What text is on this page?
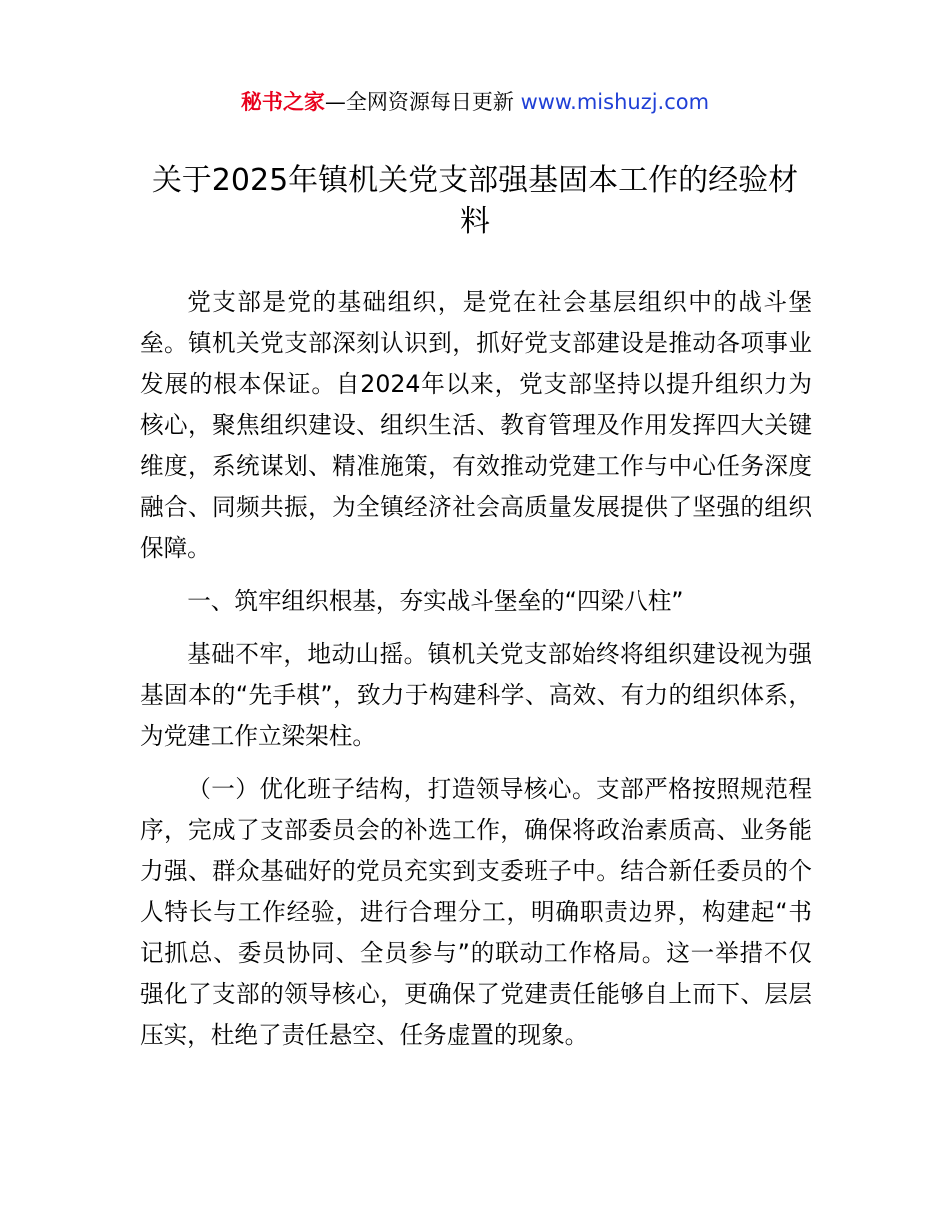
秘书之家—全网资源每日更新 www.mishuzj.com
关于2025年镇机关党支部强基固本工作的经验材料

党支部是党的基础组织，是党在社会基层组织中的战斗堡垒。镇机关党支部深刻认识到，抓好党支部建设是推动各项事业发展的根本保证。自2024年以来，党支部坚持以提升组织力为核心，聚焦组织建设、组织生活、教育管理及作用发挥四大关键维度，系统谋划、精准施策，有效推动党建工作与中心任务深度融合、同频共振，为全镇经济社会高质量发展提供了坚强的组织保障。

一、筑牢组织根基，夯实战斗堡垒的“四梁八柱”

基础不牢，地动山摇。镇机关党支部始终将组织建设视为强基固本的“先手棋”，致力于构建科学、高效、有力的组织体系，为党建工作立梁架柱。

（一）优化班子结构，打造领导核心。支部严格按照规范程序，完成了支部委员会的补选工作，确保将政治素质高、业务能力强、群众基础好的党员充实到支委班子中。结合新任委员的个人特长与工作经验，进行合理分工，明确职责边界，构建起“书记抓总、委员协同、全员参与”的联动工作格局。这一举措不仅强化了支部的领导核心，更确保了党建责任能够自上而下、层层压实，杜绝了责任悬空、任务虚置的现象。
